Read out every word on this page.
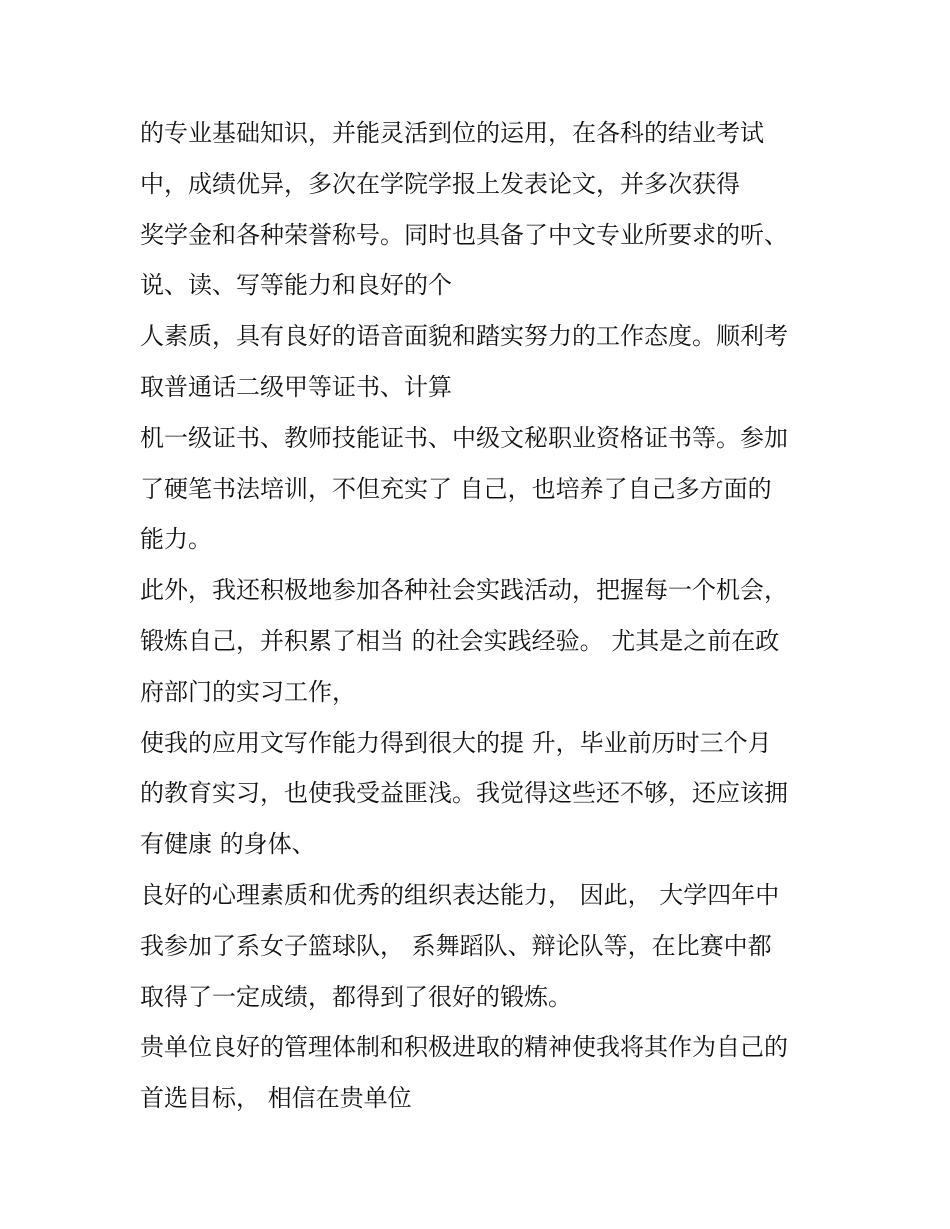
的专业基础知识，并能灵活到位的运用，在各科的结业考试
中，成绩优异，多次在学院学报上发表论文，并多次获得
奖学金和各种荣誉称号。同时也具备了中文专业所要求的听、
说、读、写等能力和良好的个
人素质，具有良好的语音面貌和踏实努力的工作态度。顺利考
取普通话二级甲等证书、计算
机一级证书、教师技能证书、中级文秘职业资格证书等。参加
了硬笔书法培训，不但充实了 自己，也培养了自己多方面的
能力。
此外，我还积极地参加各种社会实践活动，把握每一个机会，
锻炼自己，并积累了相当 的社会实践经验。 尤其是之前在政
府部门的实习工作，
使我的应用文写作能力得到很大的提 升，毕业前历时三个月
的教育实习，也使我受益匪浅。我觉得这些还不够，还应该拥
有健康 的身体、
良好的心理素质和优秀的组织表达能力， 因此， 大学四年中
我参加了系女子篮球队， 系舞蹈队、辩论队等，在比赛中都
取得了一定成绩，都得到了很好的锻炼。
贵单位良好的管理体制和积极进取的精神使我将其作为自己的
首选目标， 相信在贵单位
